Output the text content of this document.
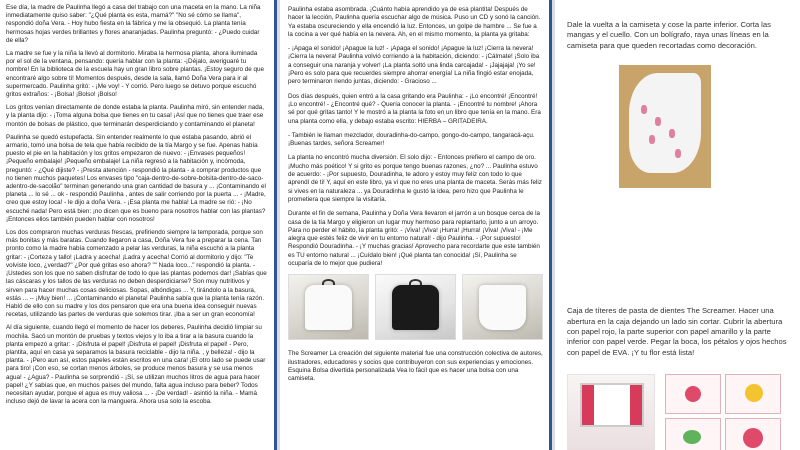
Ese día, la madre de Paulinha llegó a casa del trabajo con una maceta en la mano. La niña inmediatamente quiso saber: "¿Qué planta es esta, mamá?" "No sé cómo se llama", respondió doña Vera. - Hoy hubo fiesta en la fábrica y me la obsequió. La planta tenía hermosas hojas verdes brillantes y flores anaranjadas. Paulinha preguntó: - ¿Puedo cuidar de ella?

La madre se fue y la niña la llevó al dormitorio. Miraba la hermosa planta, ahora iluminada por el sol de la ventana, pensando: quería hablar con la planta: -¡Déjalo, averiguaré tu nombre! En la biblioteca de la escuela hay un gran libro sobre plantas. ¡Estoy seguro de que encontraré algo sobre ti! Momentos después, desde la sala, llamó Doña Vera para ir al supermercado. Paulinha gritó: - ¡Me voy! - Y corrió. Pero luego se detuvo porque escuchó gritos extraños: - ¡Bolsa! ¡Bolso! ¡Bolso!

Los gritos venían directamente de donde estaba la planta. Paulinha miró, sin entender nada, y la planta dijo: - ¡Toma alguna bolsa que tienes en tu casa! ¡Así que no tienes que traer ese montón de bolsas de plástico, que terminarán desperdiciando y contaminando el planeta!

Paulinha se quedó estupefacta. Sin entender realmente lo que estaba pasando, abrió el armario, tomó una bolsa de tela que había recibido de la tía Margo y se fue. Apenas había puesto el pie en la habitación y los gritos empezaron de nuevo: - ¡Envases pequeños! ¡Pequeño embalaje! ¡Pequeño embalaje! La niña regresó a la habitación y, incómoda, preguntó: - ¿Qué dijiste? - ¡Presta atención - respondió la planta - a comprar productos que no tienen muchos paquetes! Los envases tipo "caja-dentro-de-sobre-bolsita-dentro-de-saco-adentro-de-sacolão" terminan generando una gran cantidad de basura y ... ¡Contaminando el planeta ... lo sé ... ok - respondió Paulinha , antes de salir corriendo por la puerta ... - ¡Madre, creo que estoy loca! - le dijo a doña Vera. - ¡Esa planta me habla! La madre se rió: - ¡No escuché nada! Pero está bien: ¡no dicen que es bueno para nosotros hablar con las plantas? ¡Entonces ellos también pueden hablar con nosotros!

Los dos compraron muchas verduras frescas, prefiriendo siempre la temporada, porque son más bonitas y más baratas. Cuando llegaron a casa, Doña Vera fue a preparar la cena. Tan pronto como la madre había comenzado a pelar las verduras, la niña escuchó a la planta gritar: - ¡Corteza y tallo! ¡Ladra y acecha! ¡Ladra y acecha! Corrió al dormitorio y dijo: "Te volviste loco, ¿verdad?" ¿Por qué gritas eso ahora? "" Nada loco..." respondió la planta. - ¡Ustedes son los que no saben disfrutar de todo lo que las plantas podemos dar! ¡Sabías que las cáscaras y los tallos de las verduras no deben desperdiciarse? Son muy nutritivos y sirven para hacer muchas cosas deliciosas. Sopas, albóndigas ... Y, tirándolo a la basura, estás ... -- ¡Muy bien! ... ¡Contaminando el planeta! Paulinha sabía que la planta tenía razón. Habló de ello con su madre y los dos pensaron que era una buena idea conseguir nuevas recetas, utilizando las partes de verduras que solemos tirar. ¡Iba a ser un gran economía!

Al día siguiente, cuando llegó el momento de hacer los deberes, Paulinha decidió limpiar su mochila. Sacó un montón de pruebas y textos viejos y lo iba a tirar a la basura cuando la planta empezó a gritar: - ¡Disfruta el papel! ¡Disfruta el papel! ¡Disfruta el papel! - Pero, plantita, aquí en casa ya separamos la basura reciclable - dijo la niña. , y belleza! - dijo la planta. - ¡Pero aun así, estos papeles están escritos en una cara! ¡El otro lado se puede usar para tiro! ¡Con eso, se cortan menos árboles, se produce menos basura y se usa menos agua! - ¿Agua? - Paulinha se sorprendió - ¡Sí, se utilizan muchos litros de agua para hacer papel! ¿Y sabías que, en muchos países del mundo, falta agua incluso para beber? Todos necesitan ayudar, porque el agua es muy valiosa ... - ¡De verdad! - asintió la niña. - Mamá incluso dejó de lavar la acera con la manguera. Ahora usa solo la escoba.

Paulinha estaba asombrada. ¡Cuánto había aprendido ya de esa plantita! Después de hacer la lección, Paulinha quería escuchar algo de música. Puso un CD y sonó la canción. Ya estaba oscureciendo y ella encendió la luz. Entonces, un golpe de hambre ... Se fue a la cocina a ver qué había en la nevera. Ah, en el mismo momento, la planta ya gritaba:

- ¡Apaga el sonido! ¡Apague la luz! - ¡Apaga el sonido! ¡Apague la luz! ¡Cierra la nevera! ¡Cierra la nevera! Paulinha volvió corriendo a la habitación, diciendo: - ¡Cálmate! ¡Solo iba a conseguir una naranja y volver! ¡La planta soltó una linda carcajada! - ¡Jajajaja! ¡Yo se! ¡Pero es solo para que recuerdes siempre ahorrar energía! La niña fingió estar enojada, pero terminaron riendo juntas, diciendo: - Gracioso ...

Dos días después, quien entró a la casa gritando era Paulinha: - ¡Lo encontré! ¡Encontré! ¡Lo encontré! - ¿Encontré qué? - Quería conocer la planta. - ¡Encontré tu nombre! ¡Ahora sé por qué gritas tanto! Y le mostró a la planta la foto en un libro que tenía en la mano. Era una planta como ella, y debajo estaba escrito: HIERBA – GRITADEIRA.

- También le llaman mezclador, douradinha-do-campo, gongo-do-campo, tangaracá-açu. ¡Buenas tardes, señora Screamer!

La planta no encontró mucha diversión. El solo dijo: - Entonces prefiero el campo de oro. ¡Mucho más poético! Y si grito es porque tengo buenas razones, ¿no? ... Paulinha estuvo de acuerdo: - ¡Por supuesto, Douradinha, te adoro y estoy muy feliz con todo lo que aprendí de ti! Y, aquí en este libro, ya vi que no eres una planta de maceta. Serás más feliz si vives en la naturaleza ... ya Douradinha le gustó la idea, pero hizo que Paulinha le prometiera que siempre la visitaría.

Durante el fin de semana, Paulinha y Doña Vera llevaron el jarrón a un bosque cerca de la casa de la tía Margo y eligieron un lugar muy hermoso para replantarlo, junto a un arroyo. Para no perder el hábito, la planta gritó: - ¡Viva! ¡Viva! ¡Hurra! ¡Hurra! ¡Viva! ¡Viva! - ¡Me alegra que estés feliz de vivir en tu entorno natural! - dijo Paulinha. - ¡Por supuesto! Respondió Douradinha. - ¡Y muchas gracias! Aprovecho para recordarte que este también es TU entorno natural ... ¡Cuídalo bien! ¡Qué planta tan conocida! ¡Sí, Paulinha se ocuparía de lo mejor que pudiera!

The Screamer La creación del siguiente material fue una construcción colectiva de autores, ilustradores, educadores y socios que contribuyeron con sus experiencias y emociones. Esquina Bolsa divertida personalizada Vea lo fácil que es hacer una bolsa con una camiseta.

Dale la vuelta a la camiseta y cose la parte inferior. Corta las mangas y el cuello. Con un bolígrafo, raya unas líneas en la camiseta para que queden recortadas como decoración.

Caja de títeres de pasta de dientes The Screamer. Hacer una abertura en la caja dejando un lado sin cortar. Cubrir la abertura con papel rojo, la parte superior con papel amarillo y la parte inferior con papel verde. Pegar la boca, los pétalos y ojos hechos con papel de EVA. ¡Y tu flor está lista!
